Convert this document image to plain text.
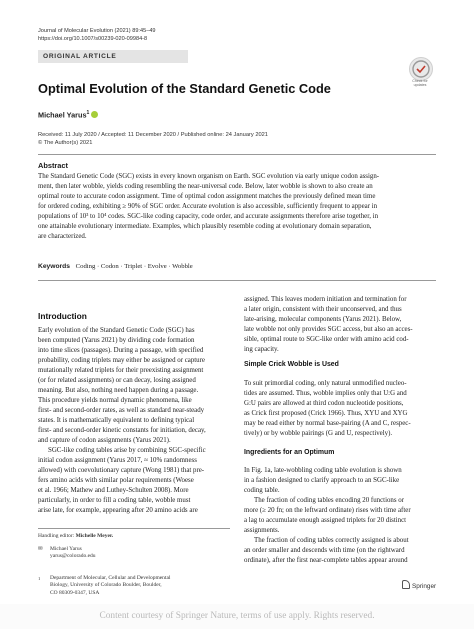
Journal of Molecular Evolution (2021) 89:45–49
https://doi.org/10.1007/s00239-020-09984-8
ORIGINAL ARTICLE
Check for
updates
Optimal Evolution of the Standard Genetic Code
Michael Yarus$^1$
Received: 11 July 2020 / Accepted: 11 December 2020 / Published online: 24 January 2021
© The Author(s) 2021
Abstract
The Standard Genetic Code (SGC) exists in every known organism on Earth. SGC evolution via early unique codon assign-
ment, then later wobble, yields coding resembling the near-universal code. Below, later wobble is shown to also create an
optimal route to accurate codon assignment. Time of optimal codon assignment matches the previously defined mean time
for ordered coding, exhibiting ≥ 90% of SGC order. Accurate evolution is also accessible, sufficiently frequent to appear in
populations of 10³ to 10⁴ codes. SGC-like coding capacity, code order, and accurate assignments therefore arise together, in
one attainable evolutionary intermediate. Examples, which plausibly resemble coding at evolutionary domain separation,
are characterized.
Keywords Coding · Codon · Triplet · Evolve · Wobble
Introduction
Early evolution of the Standard Genetic Code (SGC) has
been computed (Yarus 2021) by dividing code formation
into time slices (passages). During a passage, with specified
probability, coding triplets may either be assigned or capture
mutationally related triplets for their preexisting assignment
(or for related assignments) or can decay, losing assigned
meaning. But also, nothing need happen during a passage.
This procedure yields normal dynamic phenomena, like
first- and second-order rates, as well as standard near-steady
states. It is mathematically equivalent to defining typical
first- and second-order kinetic constants for initiation, decay,
and capture of codon assignments (Yarus 2021).
SGC-like coding tables arise by combining SGC-specific
initial codon assignment (Yarus 2017, ≈ 10% randomness
allowed) with coevolutionary capture (Wong 1981) that pre-
fers amino acids with similar polar requirements (Woese
et al. 1966; Mathew and Luthey-Schulten 2008). More
particularly, in order to fill a coding table, wobble must
arise late, for example, appearing after 20 amino acids are
Handling editor: Michelle Meyer.
✉ Michael Yarus
yarus@colorado.edu
1	Department of Molecular, Cellular and Developmental
Biology, University of Colorado Boulder, Boulder,
CO 80309-0347, USA
assigned. This leaves modern initiation and termination for
a later origin, consistent with their unconserved, and thus
late-arising, molecular components (Yarus 2021). Below,
late wobble not only provides SGC access, but also an acces-
sible, optimal route to SGC-like order with amino acid cod-
ing capacity.
Simple Crick Wobble is Used
To suit primordial coding, only natural unmodified nucleo-
tides are assumed. Thus, wobble implies only that U:G and
G:U pairs are allowed at third codon nucleotide positions,
as Crick first proposed (Crick 1966). Thus, XYU and XYG
may be read either by normal base-pairing (A and C, respec-
tively) or by wobble pairings (G and U, respectively).
Ingredients for an Optimum
In Fig. 1a, late-wobbling coding table evolution is shown
in a fashion designed to clarify approach to an SGC-like
coding table.
The fraction of coding tables encoding 20 functions or
more (≥ 20 fn; on the leftward ordinate) rises with time after
a lag to accumulate enough assigned triplets for 20 distinct
assignments.
The fraction of coding tables correctly assigned is about
an order smaller and descends with time (on the rightward
ordinate), after the first near-complete tables appear around
Springer
Content courtesy of Springer Nature, terms of use apply. Rights reserved.
